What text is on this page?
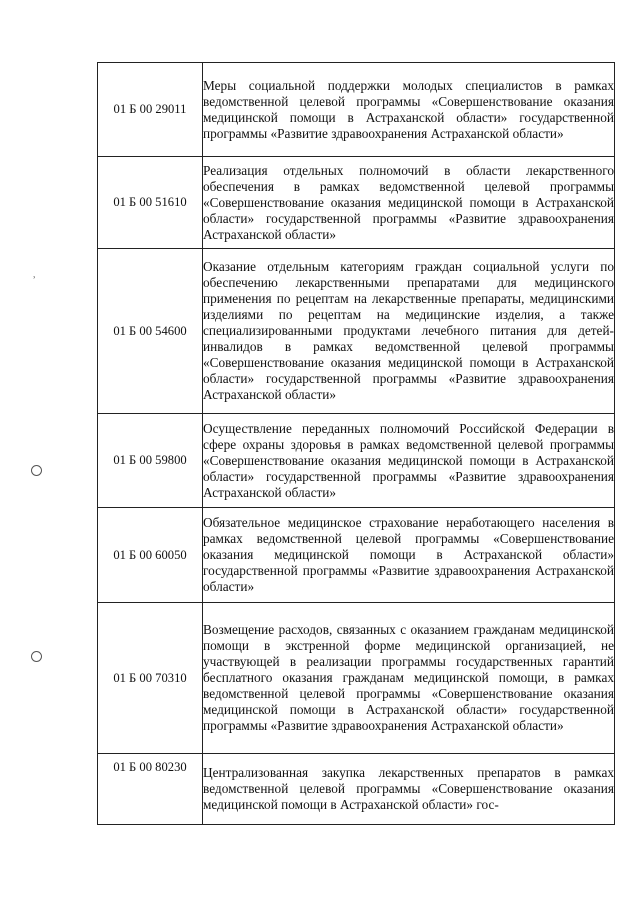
˒
01 Б 00 29011	Меры социальной поддержки молодых специалистов в рамках ведомственной целевой программы «Совершенствование оказания медицинской помощи в Астраханской области» государственной программы «Развитие здравоохранения Астраханской области»

01 Б 00 51610	Реализация отдельных полномочий в области лекарственного обеспечения в рамках ведомственной целевой программы «Совершенствование оказания медицинской помощи в Астраханской области» государственной программы «Развитие здравоохранения Астраханской области»

01 Б 00 54600	Оказание отдельным категориям граждан социальной услуги по обеспечению лекарственными препаратами для медицинского применения по рецептам на лекарственные препараты, медицинскими изделиями по рецептам на медицинские изделия, а также специализированными продуктами лечебного питания для детей-инвалидов в рамках ведомственной целевой программы «Совершенствование оказания медицинской помощи в Астраханской области» государственной программы «Развитие здравоохранения Астраханской области»

01 Б 00 59800	Осуществление переданных полномочий Российской Федерации в сфере охраны здоровья в рамках ведомственной целевой программы «Совершенствование оказания медицинской помощи в Астраханской области» государственной программы «Развитие здравоохранения Астраханской области»

01 Б 00 60050	Обязательное медицинское страхование неработающего населения в рамках ведомственной целевой программы «Совершенствование оказания медицинской помощи в Астраханской области» государственной программы «Развитие здравоохранения Астраханской области»

01 Б 00 70310	Возмещение расходов, связанных с оказанием гражданам медицинской помощи в экстренной форме медицинской организацией, не участвующей в реализации программы государственных гарантий бесплатного оказания гражданам медицинской помощи, в рамках ведомственной целевой программы «Совершенствование оказания медицинской помощи в Астраханской области» государственной программы «Развитие здравоохранения Астраханской области»

01 Б 00 80230	Централизованная закупка лекарственных препаратов в рамках ведомственной целевой программы «Совершенствование оказания медицинской помощи в Астраханской области» гос-
